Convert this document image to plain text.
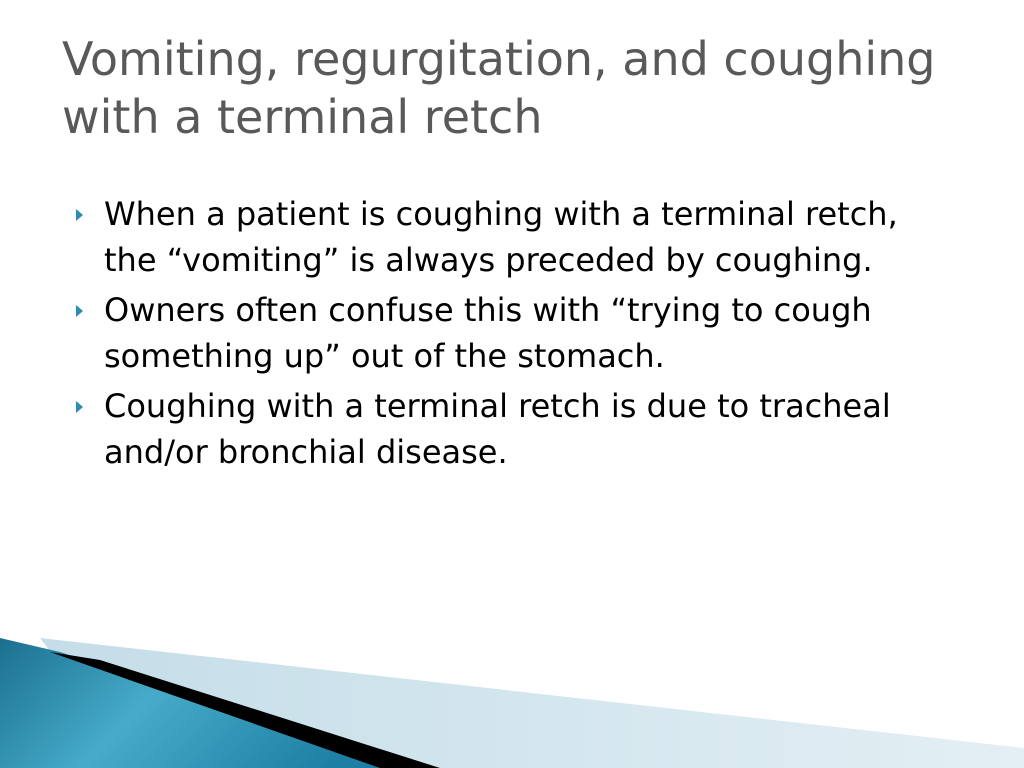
Vomiting, regurgitation, and coughing with a terminal retch
When a patient is coughing with a terminal retch, the “vomiting” is always preceded by coughing.
Owners often confuse this with “trying to cough something up” out of the stomach.
Coughing with a terminal retch is due to tracheal and/or bronchial disease.
